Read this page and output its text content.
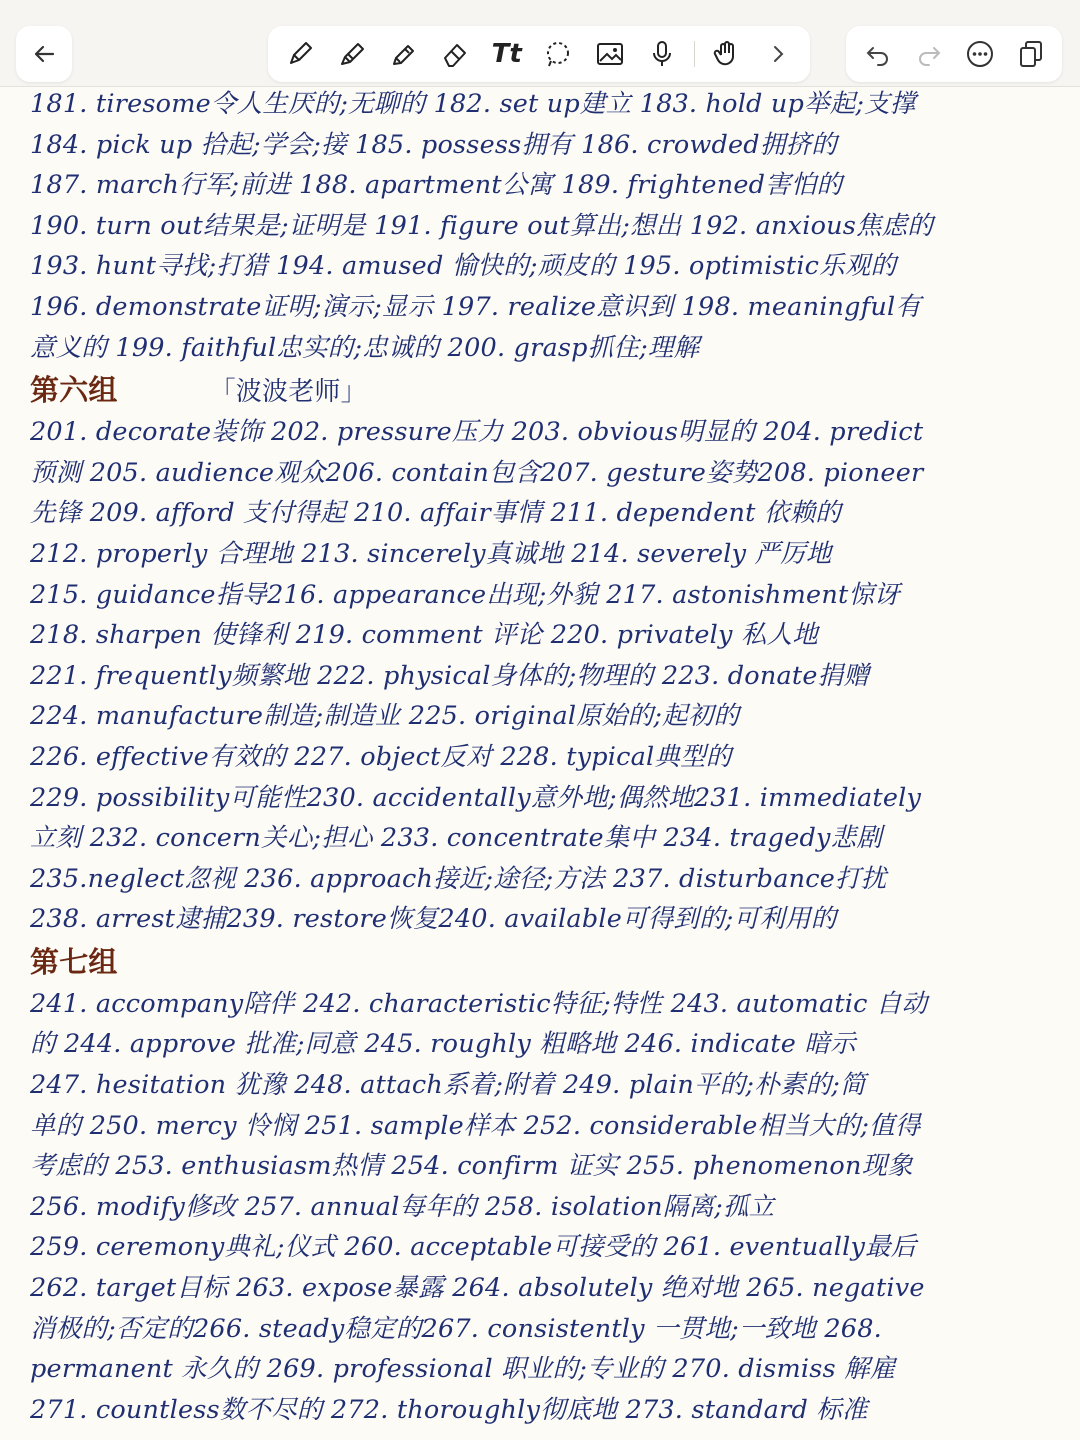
Tt
181. tiresome令人生厌的;无聊的 182. set up建立 183. hold up举起;支撑
184. pick up 拾起;学会;接 185. possess拥有 186. crowded拥挤的
187. march行军;前进 188. apartment公寓 189. frightened害怕的
190. turn out结果是;证明是 191. figure out算出;想出 192. anxious焦虑的
193. hunt寻找;打猎 194. amused 愉快的;顽皮的 195. optimistic乐观的
196. demonstrate证明;演示;显示 197. realize意识到 198. meaningful有
意义的 199. faithful忠实的;忠诚的 200. grasp抓住;理解
第六组	「波波老师」
201. decorate装饰 202. pressure压力 203. obvious明显的 204. predict
预测 205. audience观众206. contain包含207. gesture姿势208. pioneer
先锋 209. afford 支付得起 210. affair事情 211. dependent 依赖的
212. properly 合理地 213. sincerely真诚地 214. severely 严厉地
215. guidance指导216. appearance出现;外貌 217. astonishment惊讶
218. sharpen 使锋利 219. comment 评论 220. privately 私人地
221. frequently频繁地 222. physical身体的;物理的 223. donate捐赠
224. manufacture制造;制造业 225. original原始的;起初的
226. effective有效的 227. object反对 228. typical典型的
229. possibility可能性230. accidentally意外地;偶然地231. immediately
立刻 232. concern关心;担心 233. concentrate集中 234. tragedy悲剧
235.neglect忽视 236. approach接近;途径;方法 237. disturbance打扰
238. arrest逮捕239. restore恢复240. available可得到的;可利用的
第七组
241. accompany陪伴 242. characteristic特征;特性 243. automatic 自动
的 244. approve 批准;同意 245. roughly 粗略地 246. indicate 暗示
247. hesitation 犹豫 248. attach系着;附着 249. plain平的;朴素的;简
单的 250. mercy 怜悯 251. sample样本 252. considerable相当大的;值得
考虑的 253. enthusiasm热情 254. confirm 证实 255. phenomenon现象
256. modify修改 257. annual每年的 258. isolation隔离;孤立
259. ceremony典礼;仪式 260. acceptable可接受的 261. eventually最后
262. target目标 263. expose暴露 264. absolutely 绝对地 265. negative
消极的;否定的266. steady稳定的267. consistently 一贯地;一致地 268.
permanent 永久的 269. professional 职业的;专业的 270. dismiss 解雇
271. countless数不尽的 272. thoroughly彻底地 273. standard 标准
